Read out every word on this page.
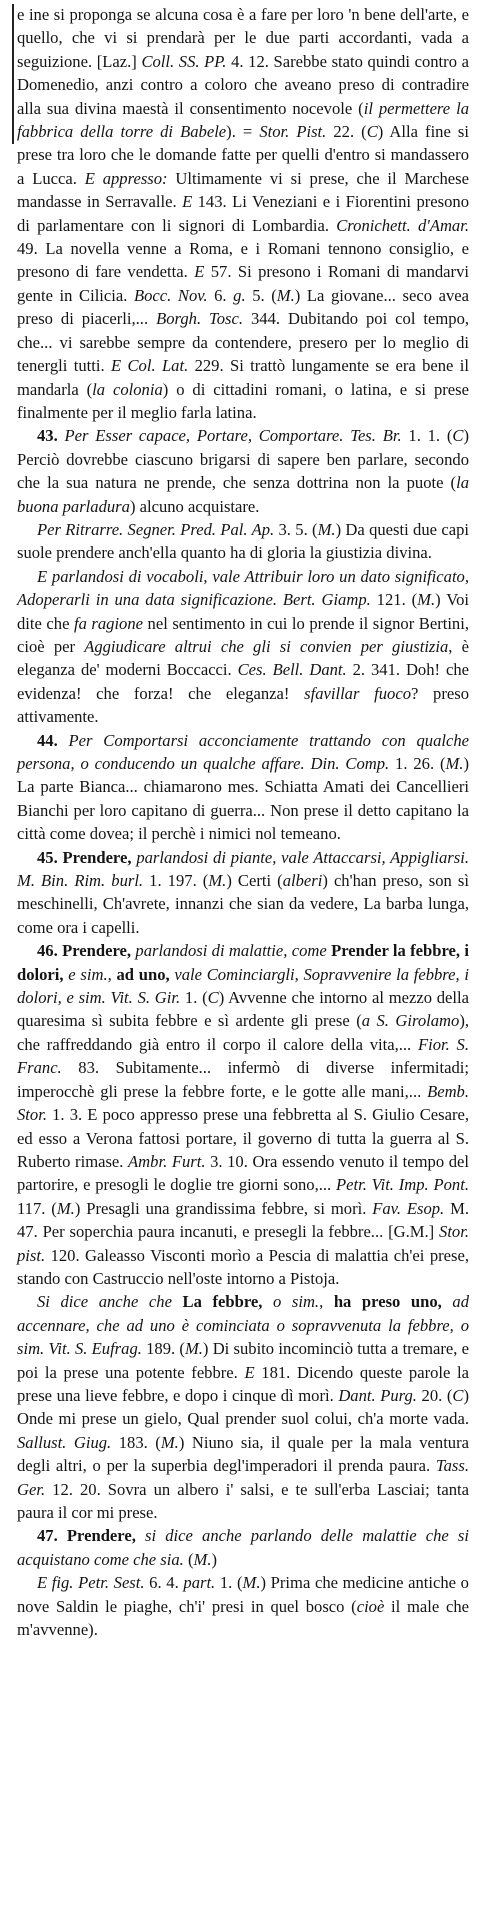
e ine si proponga se alcuna cosa è a fare per loro 'n bene dell'arte, e quello, che vi si prendarà per le due parti accordanti, vada a seguizione. [Laz.] Coll. SS. PP. 4. 12. Sarebbe stato quindi contro a Domenedio, anzi contro a coloro che aveano preso di contradire alla sua divina maestà il consentimento nocevole (il permettere la fabbrica della torre di Babele). = Stor. Pist. 22. (C) Alla fine si prese tra loro che le domande fatte per quelli d'entro si mandassero a Lucca. E appresso: Ultimamente vi si prese, che il Marchese mandasse in Serravalle. E 143. Li Veneziani e i Fiorentini presono di parlamentare con li signori di Lombardia. Cronichett. d'Amar. 49. La novella venne a Roma, e i Romani tennono consiglio, e presono di fare vendetta. E 57. Si presono i Romani di mandarvi gente in Cilicia. Bocc. Nov. 6. g. 5. (M.) La giovane... seco avea preso di piacerli,... Borgh. Tosc. 344. Dubitando poi col tempo, che... vi sarebbe sempre da contendere, presero per lo meglio di tenergli tutti. E Col. Lat. 229. Si trattò lungamente se era bene il mandarla (la colonia) o di cittadini romani, o latina, e si prese finalmente per il meglio farla latina.

43. Per Esser capace, Portare, Comportare. Tes. Br. 1. 1. (C) Perciò dovrebbe ciascuno brigarsi di sapere ben parlare, secondo che la sua natura ne prende, che senza dottrina non la puote (la buona parladura) alcuno acquistare.

Per Ritrarre. Segner. Pred. Pal. Ap. 3. 5. (M.) Da questi due capi suole prendere anch'ella quanto ha di gloria la giustizia divina.

E parlandosi di vocaboli, vale Attribuir loro un dato significato, Adoperarli in una data significazione. Bert. Giamp. 121. (M.) Voi dite che fa ragione nel sentimento in cui lo prende il signor Bertini, cioè per Aggiudicare altrui che gli si convien per giustizia, è eleganza de' moderni Boccacci. Ces. Bell. Dant. 2. 341. Doh! che evidenza! che forza! che eleganza! sfavillar fuoco? preso attivamente.

44. Per Comportarsi acconciamente trattando con qualche persona, o conducendo un qualche affare. Din. Comp. 1. 26. (M.) La parte Bianca... chiamarono mes. Schiatta Amati dei Cancellieri Bianchi per loro capitano di guerra... Non prese il detto capitano la città come dovea; il perchè i nimici nol temeano.

45. Prendere, parlandosi di piante, vale Attaccarsi, Appigliarsi. M. Bin. Rim. burl. 1. 197. (M.) Certi (alberi) ch'han preso, son sì meschinelli, Ch'avrete, innanzi che sian da vedere, La barba lunga, come ora i capelli.

46. Prendere, parlandosi di malattie, come Prender la febbre, i dolori, e sim., ad uno, vale Cominciargli, Sopravvenire la febbre, i dolori, e sim. Vit. S. Gir. 1. (C) Avvenne che intorno al mezzo della quaresima sì subita febbre e sì ardente gli prese (a S. Girolamo), che raffreddando già entro il corpo il calore della vita,... Fior. S. Franc. 83. Subitamente... infermò di diverse infermitadi; imperocchè gli prese la febbre forte, e le gotte alle mani,... Bemb. Stor. 1. 3. E poco appresso prese una febbretta al S. Giulio Cesare, ed esso a Verona fattosi portare, il governo di tutta la guerra al S. Ruberto rimase. Ambr. Furt. 3. 10. Ora essendo venuto il tempo del partorire, e presogli le doglie tre giorni sono,... Petr. Vit. Imp. Pont. 117. (M.) Presagli una grandissima febbre, si morì. Fav. Esop. M. 47. Per soperchia paura incanuti, e presegli la febbre... [G.M.] Stor. pist. 120. Galeasso Visconti morìo a Pescia di malattia ch'ei prese, stando con Castruccio nell'oste intorno a Pistoja.

Si dice anche che La febbre, o sim., ha preso uno, ad accennare, che ad uno è cominciata o sopravvenuta la febbre, o sim. Vit. S. Eufrag. 189. (M.) Di subito incominciò tutta a tremare, e poi la prese una potente febbre. E 181. Dicendo queste parole la prese una lieve febbre, e dopo i cinque dì morì. Dant. Purg. 20. (C) Onde mi prese un gielo, Qual prender suol colui, ch'a morte vada. Sallust. Giug. 183. (M.) Niuno sia, il quale per la mala ventura degli altri, o per la superbia degl'imperadori il prenda paura. Tass. Ger. 12. 20. Sovra un albero i' salsi, e te sull'erba Lasciai; tanta paura il cor mi prese.

47. Prendere, si dice anche parlando delle malattie che si acquistano come che sia. (M.)

E fig. Petr. Sest. 6. 4. part. 1. (M.) Prima che medicine antiche o nove Saldin le piaghe, ch'i' presi in quel bosco (cioè il male che m'avvenne).
